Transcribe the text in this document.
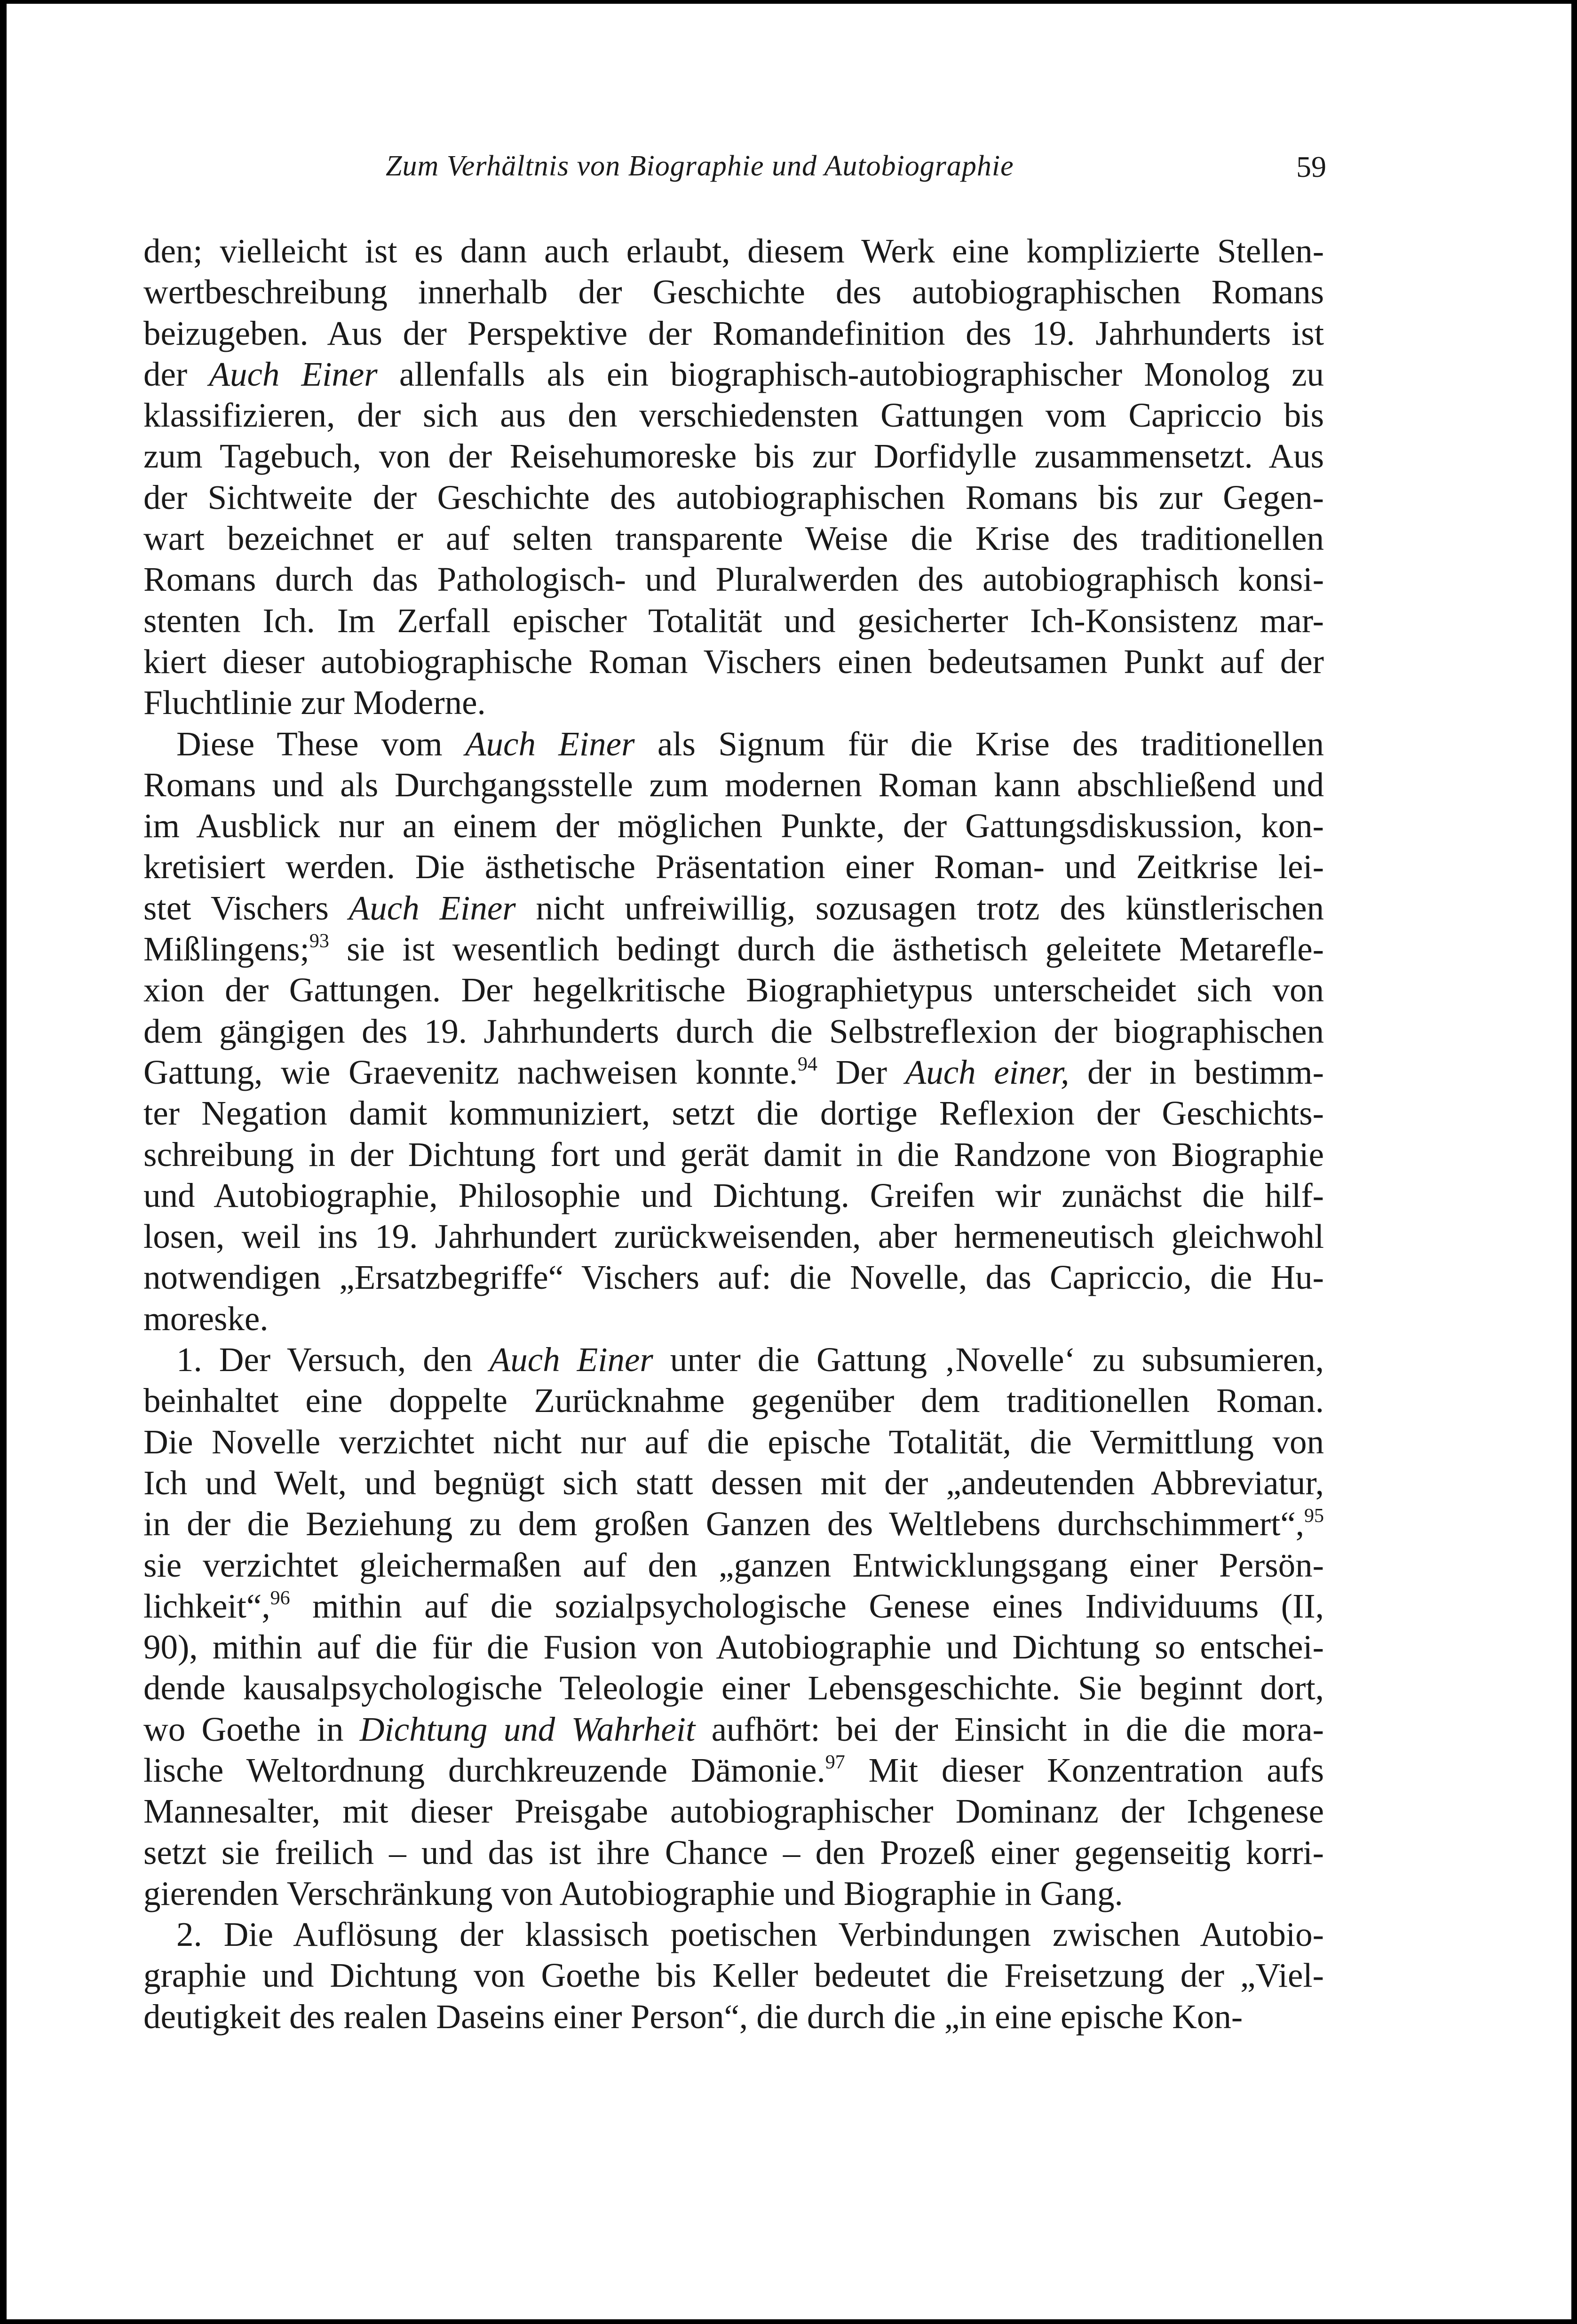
Zum Verhältnis von Biographie und Autobiographie	59
den; vielleicht ist es dann auch erlaubt, diesem Werk eine komplizierte Stellen-
wertbeschreibung innerhalb der Geschichte des autobiographischen Romans
beizugeben. Aus der Perspektive der Romandefinition des 19. Jahrhunderts ist
der Auch Einer allenfalls als ein biographisch-autobiographischer Monolog zu
klassifizieren, der sich aus den verschiedensten Gattungen vom Capriccio bis
zum Tagebuch, von der Reisehumoreske bis zur Dorfidylle zusammensetzt. Aus
der Sichtweite der Geschichte des autobiographischen Romans bis zur Gegen-
wart bezeichnet er auf selten transparente Weise die Krise des traditionellen
Romans durch das Pathologisch- und Pluralwerden des autobiographisch konsi-
stenten Ich. Im Zerfall epischer Totalität und gesicherter Ich-Konsistenz mar-
kiert dieser autobiographische Roman Vischers einen bedeutsamen Punkt auf der
Fluchtlinie zur Moderne.
Diese These vom Auch Einer als Signum für die Krise des traditionellen
Romans und als Durchgangsstelle zum modernen Roman kann abschließend und
im Ausblick nur an einem der möglichen Punkte, der Gattungsdiskussion, kon-
kretisiert werden. Die ästhetische Präsentation einer Roman- und Zeitkrise lei-
stet Vischers Auch Einer nicht unfreiwillig, sozusagen trotz des künstlerischen
Mißlingens;$^{93}$ sie ist wesentlich bedingt durch die ästhetisch geleitete Metarefle-
xion der Gattungen. Der hegelkritische Biographietypus unterscheidet sich von
dem gängigen des 19. Jahrhunderts durch die Selbstreflexion der biographischen
Gattung, wie Graevenitz nachweisen konnte.$^{94}$ Der Auch einer, der in bestimm-
ter Negation damit kommuniziert, setzt die dortige Reflexion der Geschichts-
schreibung in der Dichtung fort und gerät damit in die Randzone von Biographie
und Autobiographie, Philosophie und Dichtung. Greifen wir zunächst die hilf-
losen, weil ins 19. Jahrhundert zurückweisenden, aber hermeneutisch gleichwohl
notwendigen „Ersatzbegriffe“ Vischers auf: die Novelle, das Capriccio, die Hu-
moreske.
1. Der Versuch, den Auch Einer unter die Gattung ‚Novelle‘ zu subsumieren,
beinhaltet eine doppelte Zurücknahme gegenüber dem traditionellen Roman.
Die Novelle verzichtet nicht nur auf die epische Totalität, die Vermittlung von
Ich und Welt, und begnügt sich statt dessen mit der „andeutenden Abbreviatur,
in der die Beziehung zu dem großen Ganzen des Weltlebens durchschimmert“,$^{95}$
sie verzichtet gleichermaßen auf den „ganzen Entwicklungsgang einer Persön-
lichkeit“,$^{96}$ mithin auf die sozialpsychologische Genese eines Individuums (II,
90), mithin auf die für die Fusion von Autobiographie und Dichtung so entschei-
dende kausalpsychologische Teleologie einer Lebensgeschichte. Sie beginnt dort,
wo Goethe in Dichtung und Wahrheit aufhört: bei der Einsicht in die die mora-
lische Weltordnung durchkreuzende Dämonie.$^{97}$ Mit dieser Konzentration aufs
Mannesalter, mit dieser Preisgabe autobiographischer Dominanz der Ichgenese
setzt sie freilich – und das ist ihre Chance – den Prozeß einer gegenseitig korri-
gierenden Verschränkung von Autobiographie und Biographie in Gang.
2. Die Auflösung der klassisch poetischen Verbindungen zwischen Autobio-
graphie und Dichtung von Goethe bis Keller bedeutet die Freisetzung der „Viel-
deutigkeit des realen Daseins einer Person“, die durch die „in eine epische Kon-
